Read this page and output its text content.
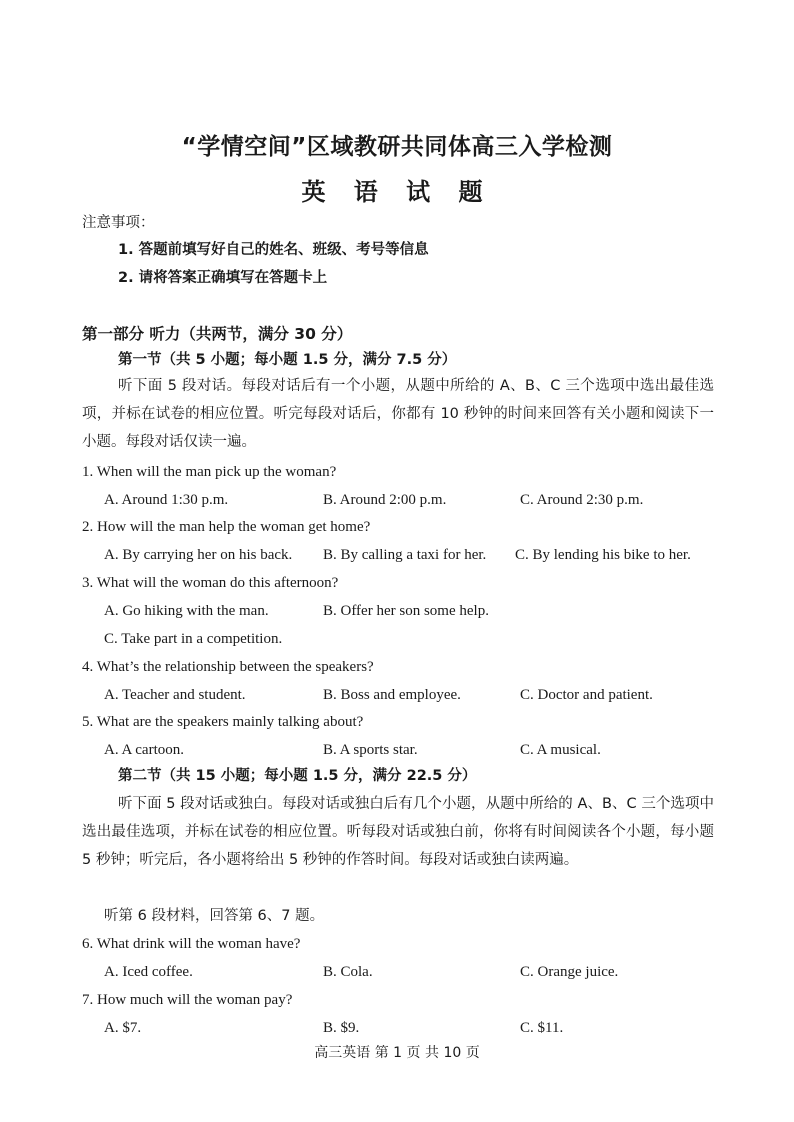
“学情空间”区域教研共同体高三入学检测
英 语 试 题
注意事项：
1. 答题前填写好自己的姓名、班级、考号等信息
2. 请将答案正确填写在答题卡上
第一部分 听力（共两节，满分 30 分）
第一节（共 5 小题；每小题 1.5 分，满分 7.5 分）
听下面 5 段对话。每段对话后有一个小题，从题中所给的 A、B、C 三个选项中选出最佳选项，并标在试卷的相应位置。听完每段对话后，你都有 10 秒钟的时间来回答有关小题和阅读下一小题。每段对话仅读一遍。
1. When will the man pick up the woman?
A. Around 1:30 p.m.	B. Around 2:00 p.m.	C. Around 2:30 p.m.
2. How will the man help the woman get home?
A. By carrying her on his back. B. By calling a taxi for her. C. By lending his bike to her.
3. What will the woman do this afternoon?
A. Go hiking with the man.	B. Offer her son some help.
C. Take part in a competition.
4. What’s the relationship between the speakers?
A. Teacher and student.	B. Boss and employee.	C. Doctor and patient.
5. What are the speakers mainly talking about?
A. A cartoon.	B. A sports star.	C. A musical.
第二节（共 15 小题；每小题 1.5 分，满分 22.5 分）
听下面 5 段对话或独白。每段对话或独白后有几个小题，从题中所给的 A、B、C 三个选项中选出最佳选项，并标在试卷的相应位置。听每段对话或独白前，你将有时间阅读各个小题，每小题 5 秒钟；听完后，各小题将给出 5 秒钟的作答时间。每段对话或独白读两遍。
听第 6 段材料，回答第 6、7 题。
6. What drink will the woman have?
A. Iced coffee.	B. Cola.	C. Orange juice.
7. How much will the woman pay?
A. $7.	B. $9.	C. $11.
高三英语 第 1 页 共 10 页
